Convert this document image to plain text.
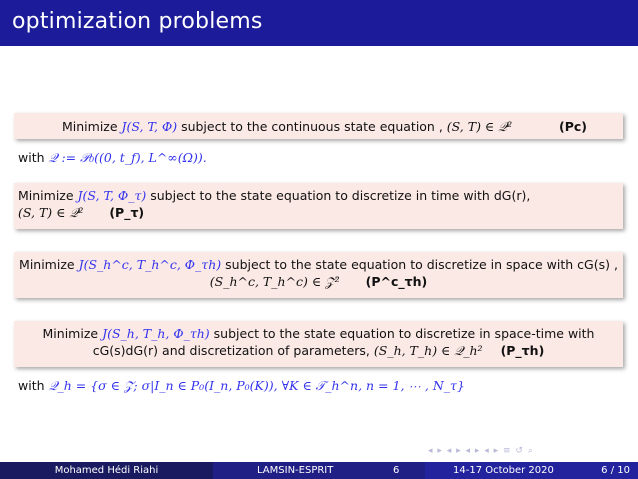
optimization problems
Minimize J(S, T, Φ) subject to the continuous state equation , (S, T) ∈ 𝒬²	(Pc)
with 𝒬 := 𝒫₀((0, t_f), L^∞(Ω)).
Minimize J(S, T, Φ_τ) subject to the state equation to discretize in time with dG(r),
(S, T) ∈ 𝒬² (P_τ)
Minimize J(S_h^c, T_h^c, Φ_τh) subject to the state equation to discretize in space with cG(s) ,
(S_h^c, T_h^c) ∈ 𝒵² (P^c_τh)
Minimize J(S_h, T_h, Φ_τh) subject to the state equation to discretize in space-time with
cG(s)dG(r) and discretization of parameters, (S_h, T_h) ∈ 𝒬_h² (P_τh)
with 𝒬_h = {σ ∈ 𝒵; σ|I_n ∈ P₀(I_n, P₀(K)), ∀K ∈ 𝒯_h^n, n = 1, ⋯ , N_τ}
◂ ▸ ◂ ▸ ◂ ▸ ◂ ▸ ≡ ↺ ⌕
Mohamed Hédi Riahi	LAMSIN-ESPRIT	6	14-17 October 2020	6 / 10
